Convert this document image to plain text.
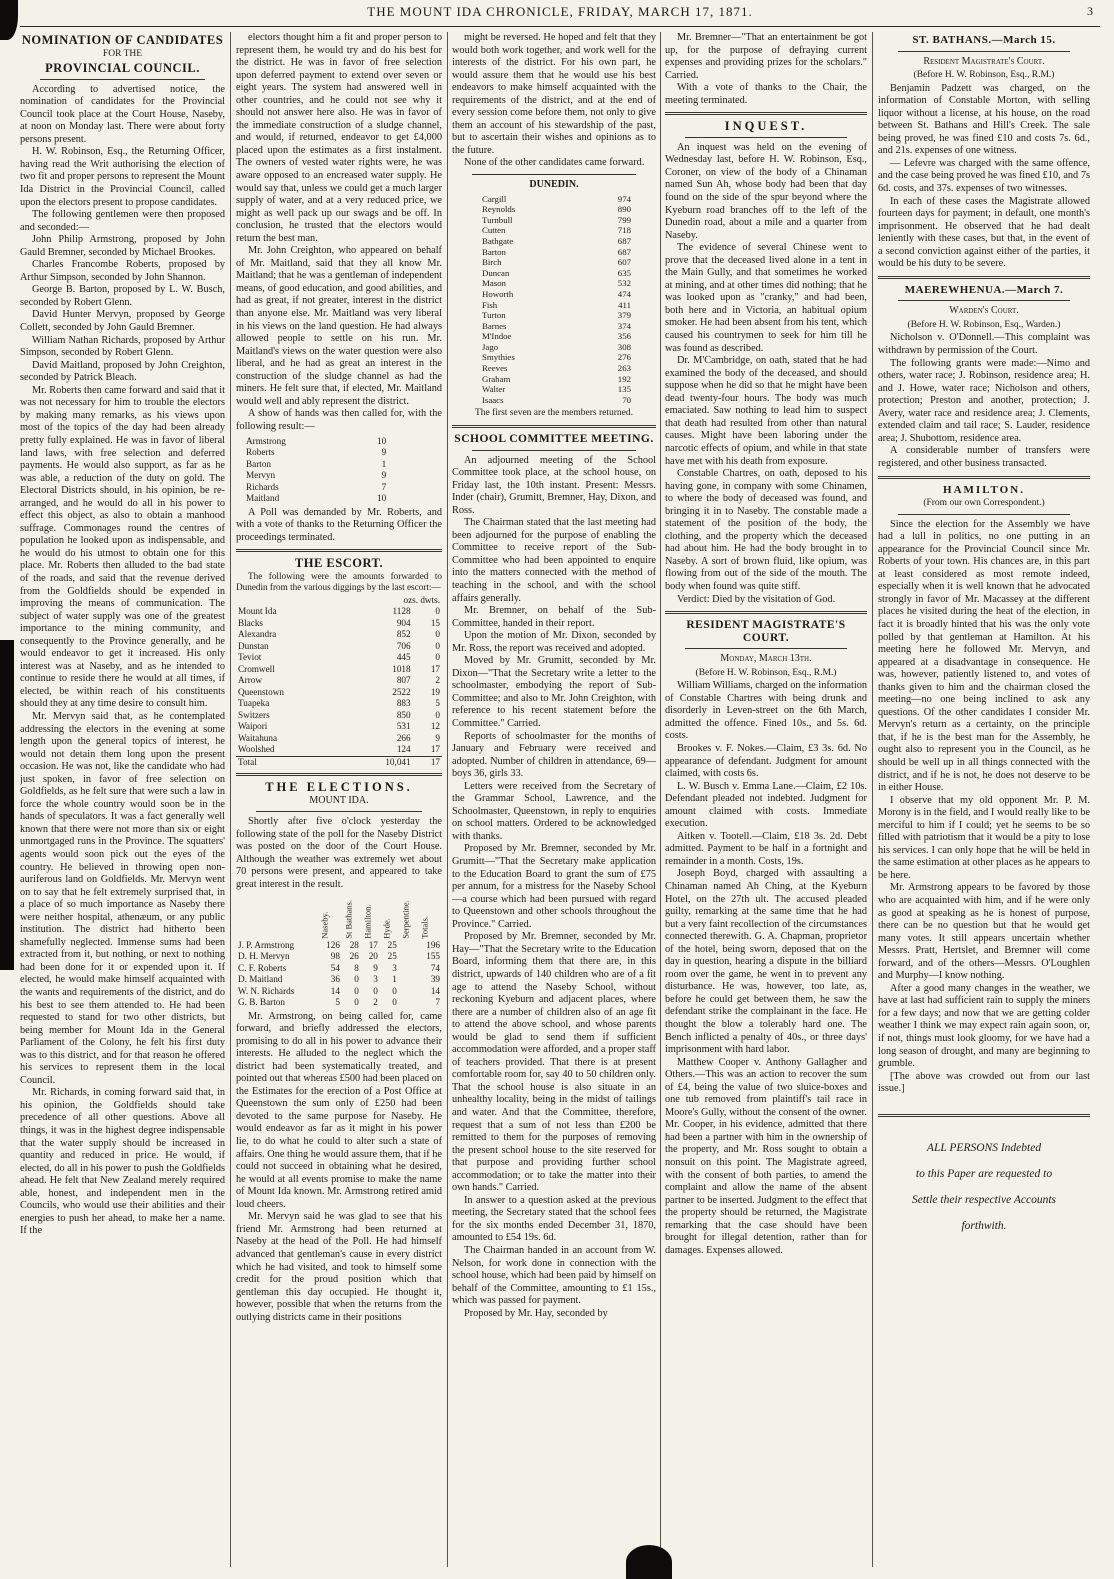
THE MOUNT IDA CHRONICLE, FRIDAY, MARCH 17, 1871.	3
NOMINATION OF CANDIDATES
FOR THE
PROVINCIAL COUNCIL.

According to advertised notice, the nomination of candidates for the Provincial Council took place at the Court House, Naseby, at noon on Monday last. There were about forty persons present.

H. W. Robinson, Esq., the Returning Officer, having read the Writ authorising the election of two fit and proper persons to represent the Mount Ida District in the Provincial Council, called upon the electors present to propose candidates.

The following gentlemen were then proposed and seconded:—

John Philip Armstrong, proposed by John Gauld Bremner, seconded by Michael Brookes.

Charles Francombe Roberts, proposed by Arthur Simpson, seconded by John Shannon.

George B. Barton, proposed by L. W. Busch, seconded by Robert Glenn.

David Hunter Mervyn, proposed by George Collett, seconded by John Gauld Bremner.

William Nathan Richards, proposed by Arthur Simpson, seconded by Robert Glenn.

David Maitland, proposed by John Creighton, seconded by Patrick Bleach.

Mr. Roberts then came forward and said that it was not necessary for him to trouble the electors by making many remarks, as his views upon most of the topics of the day had been already pretty fully explained. He was in favor of liberal land laws, with free selection and deferred payments. He would also support, as far as he was able, a reduction of the duty on gold. The Electoral Districts should, in his opinion, be re-arranged, and he would do all in his power to effect this object, as also to obtain a manhood suffrage. Commonages round the centres of population he looked upon as indispensable, and he would do his utmost to obtain one for this place. Mr. Roberts then alluded to the bad state of the roads, and said that the revenue derived from the Goldfields should be expended in improving the means of communication. The subject of water supply was one of the greatest importance to the mining community, and consequently to the Province generally, and he would endeavor to get it increased. His only interest was at Naseby, and as he intended to continue to reside there he would at all times, if elected, be within reach of his constituents should they at any time desire to consult him.

Mr. Mervyn said that, as he contemplated addressing the electors in the evening at some length upon the general topics of interest, he would not detain them long upon the present occasion. He was not, like the candidate who had just spoken, in favor of free selection on Goldfields, as he felt sure that were such a law in force the whole country would soon be in the hands of speculators. It was a fact generally well known that there were not more than six or eight unmortgaged runs in the Province. The squatters' agents would soon pick out the eyes of the country. He believed in throwing open non-auriferous land on Goldfields. Mr. Mervyn went on to say that he felt extremely surprised that, in a place of so much importance as Naseby there were neither hospital, athenæum, or any public institution. The district had hitherto been shamefully neglected. Immense sums had been extracted from it, but nothing, or next to nothing had been done for it or expended upon it. If elected, he would make himself acquainted with the wants and requirements of the district, and do his best to see them attended to. He had been requested to stand for two other districts, but being member for Mount Ida in the General Parliament of the Colony, he felt his first duty was to this district, and for that reason he offered his services to represent them in the local Council.

Mr. Richards, in coming forward said that, in his opinion, the Goldfields should take precedence of all other questions. Above all things, it was in the highest degree indispensable that the water supply should be increased in quantity and reduced in price. He would, if elected, do all in his power to push the Goldfields ahead. He felt that New Zealand merely required able, honest, and independent men in the Councils, who would use their abilities and their energies to push her ahead, to make her a name. If the

electors thought him a fit and proper person to represent them, he would try and do his best for the district. He was in favor of free selection upon deferred payment to extend over seven or eight years. The system had answered well in other countries, and he could not see why it should not answer here also. He was in favor of the immediate construction of a sludge channel, and would, if returned, endeavor to get £4,000 placed upon the estimates as a first instalment. The owners of vested water rights were, he was aware opposed to an encreased water supply. He would say that, unless we could get a much larger supply of water, and at a very reduced price, we might as well pack up our swags and be off. In conclusion, he trusted that the electors would return the best man.

Mr. John Creighton, who appeared on behalf of Mr. Maitland, said that they all know Mr. Maitland; that he was a gentleman of independent means, of good education, and good abilities, and had as great, if not greater, interest in the district than anyone else. Mr. Maitland was very liberal in his views on the land question. He had always allowed people to settle on his run. Mr. Maitland's views on the water question were also liberal, and he had as great an interest in the construction of the sludge channel as had the miners. He felt sure that, if elected, Mr. Maitland would well and ably represent the district.

A show of hands was then called for, with the following result:—

Armstrong	10
Roberts	9
Barton	1
Mervyn	9
Richards	7
Maitland	10

A Poll was demanded by Mr. Roberts, and with a vote of thanks to the Returning Officer the proceedings terminated.

THE ESCORT.

The following were the amounts forwarded to Dunedin from the various diggings by the last escort:—

	ozs. dwts.	
Mount Ida	1128	0
Blacks	904	15
Alexandra	852	0
Dunstan	706	0
Teviot	445	0
Cromwell	1018	17
Arrow	807	2
Queenstown	2522	19
Tuapeka	883	5
Switzers	850	0
Waipori	531	12
Waitahuna	266	9
Woolshed	124	17
Total	10,041	17
THE ELECTIONS.
MOUNT IDA.

Shortly after five o'clock yesterday the following state of the poll for the Naseby District was posted on the door of the Court House. Although the weather was extremely wet about 70 persons were present, and appeared to take great interest in the result.

	Naseby.	St Bathans.	Hamilton.	Hyde.	Serpentine.	Totals.
J. P. Armstrong	126	28	17	25		196
D. H. Mervyn	98	26	20	25		155
C. F. Roberts	54	8	9	3		74
D. Maitland	36	0	3	1		39
W. N. Richards	14	0	0	0		14
G. B. Barton	5	0	2	0		7

Mr. Armstrong, on being called for, came forward, and briefly addressed the electors, promising to do all in his power to advance their interests. He alluded to the neglect which the district had been systematically treated, and pointed out that whereas £500 had been placed on the Estimates for the erection of a Post Office at Queenstown the sum only of £250 had been devoted to the same purpose for Naseby. He would endeavor as far as it might in his power lie, to do what he could to alter such a state of affairs. One thing he would assure them, that if he could not succeed in obtaining what he desired, he would at all events promise to make the name of Mount Ida known. Mr. Armstrong retired amid loud cheers.

Mr. Mervyn said he was glad to see that his friend Mr. Armstrong had been returned at Naseby at the head of the Poll. He had himself advanced that gentleman's cause in every district which he had visited, and took to himself some credit for the proud position which that gentleman this day occupied. He thought it, however, possible that when the returns from the outlying districts came in their positions

might be reversed. He hoped and felt that they would both work together, and work well for the interests of the district. For his own part, he would assure them that he would use his best endeavors to make himself acquainted with the requirements of the district, and at the end of every session come before them, not only to give them an account of his stewardship of the past, but to ascertain their wishes and opinions as to the future.

None of the other candidates came forward.

DUNEDIN.
Cargill	974
Reynolds	890
Turnbull	799
Cutten	718
Bathgate	687
Barton	687
Birch	607
Duncan	635
Mason	532
Howorth	474
Fish	411
Turton	379
Barnes	374
M'Indoe	356
Jago	308
Smythies	276
Reeves	263
Graham	192
Walter	135
Isaacs	70
The first seven are the members returned.
SCHOOL COMMITTEE MEETING.

An adjourned meeting of the School Committee took place, at the school house, on Friday last, the 10th instant. Present: Messrs. Inder (chair), Grumitt, Bremner, Hay, Dixon, and Ross.

The Chairman stated that the last meeting had been adjourned for the purpose of enabling the Committee to receive report of the Sub-Committee who had been appointed to enquire into the matters connected with the method of teaching in the school, and with the school affairs generally.

Mr. Bremner, on behalf of the Sub-Committee, handed in their report.

Upon the motion of Mr. Dixon, seconded by Mr. Ross, the report was received and adopted.

Moved by Mr. Grumitt, seconded by Mr. Dixon—"That the Secretary write a letter to the schoolmaster, embodying the report of Sub-Committee; and also to Mr. John Creighton, with reference to his recent statement before the Committee." Carried.

Reports of schoolmaster for the months of January and February were received and adopted. Number of children in attendance, 69—boys 36, girls 33.

Letters were received from the Secretary of the Grammar School, Lawrence, and the Schoolmaster, Queenstown, in reply to enquiries on school matters. Ordered to be acknowledged with thanks.

Proposed by Mr. Bremner, seconded by Mr. Grumitt—"That the Secretary make application to the Education Board to grant the sum of £75 per annum, for a mistress for the Naseby School—a course which had been pursued with regard to Queenstown and other schools throughout the Province." Carried.

Proposed by Mr. Bremner, seconded by Mr. Hay—"That the Secretary write to the Education Board, informing them that there are, in this district, upwards of 140 children who are of a fit age to attend the Naseby School, without reckoning Kyeburn and adjacent places, where there are a number of children also of an age fit to attend the above school, and whose parents would be glad to send them if sufficient accommodation were afforded, and a proper staff of teachers provided. That there is at present comfortable room for, say 40 to 50 children only. That the school house is also situate in an unhealthy locality, being in the midst of tailings and water. And that the Committee, therefore, request that a sum of not less than £200 be remitted to them for the purposes of removing the present school house to the site reserved for that purpose and providing further school accommodation; or to take the matter into their own hands." Carried.

In answer to a question asked at the previous meeting, the Secretary stated that the school fees for the six months ended December 31, 1870, amounted to £54 19s. 6d.

The Chairman handed in an account from W. Nelson, for work done in connection with the school house, which had been paid by himself on behalf of the Committee, amounting to £1 15s., which was passed for payment.

Proposed by Mr. Hay, seconded by

Mr. Bremner—"That an entertainment be got up, for the purpose of defraying current expenses and providing prizes for the scholars." Carried.

With a vote of thanks to the Chair, the meeting terminated.

INQUEST.

An inquest was held on the evening of Wednesday last, before H. W. Robinson, Esq., Coroner, on view of the body of a Chinaman named Sun Ah, whose body had been that day found on the side of the spur beyond where the Kyeburn road branches off to the left of the Dunedin road, about a mile and a quarter from Naseby.

The evidence of several Chinese went to prove that the deceased lived alone in a tent in the Main Gully, and that sometimes he worked at mining, and at other times did nothing; that he was looked upon as "cranky," and had been, both here and in Victoria, an habitual opium smoker. He had been absent from his tent, which caused his countrymen to seek for him till he was found as described.

Dr. M'Cambridge, on oath, stated that he had examined the body of the deceased, and should suppose when he did so that he might have been dead twenty-four hours. The body was much emaciated. Saw nothing to lead him to suspect that death had resulted from other than natural causes. Might have been laboring under the narcotic effects of opium, and while in that state have met with his death from exposure.

Constable Chartres, on oath, deposed to his having gone, in company with some Chinamen, to where the body of deceased was found, and bringing it in to Naseby. The constable made a statement of the position of the body, the clothing, and the property which the deceased had about him. He had the body brought in to Naseby. A sort of brown fluid, like opium, was flowing from out of the side of the mouth. The body when found was quite stiff.

Verdict: Died by the visitation of God.

RESIDENT MAGISTRATE'S COURT.
Monday, March 13th.
(Before H. W. Robinson, Esq., R.M.)

William Williams, charged on the information of Constable Chartres with being drunk and disorderly in Leven-street on the 6th March, admitted the offence. Fined 10s., and 5s. 6d. costs.

Brookes v. F. Nokes.—Claim, £3 3s. 6d. No appearance of defendant. Judgment for amount claimed, with costs 6s.

L. W. Busch v. Emma Lane.—Claim, £2 10s. Defendant pleaded not indebted. Judgment for amount claimed with costs. Immediate execution.

Aitken v. Tootell.—Claim, £18 3s. 2d. Debt admitted. Payment to be half in a fortnight and remainder in a month. Costs, 19s.

Joseph Boyd, charged with assaulting a Chinaman named Ah Ching, at the Kyeburn Hotel, on the 27th ult. The accused pleaded guilty, remarking at the same time that he had but a very faint recollection of the circumstances connected therewith. G. A. Chapman, proprietor of the hotel, being sworn, deposed that on the day in question, hearing a dispute in the billiard room over the game, he went in to prevent any disturbance. He was, however, too late, as, before he could get between them, he saw the defendant strike the complainant in the face. He thought the blow a tolerably hard one. The Bench inflicted a penalty of 40s., or three days' imprisonment with hard labor.

Matthew Cooper v. Anthony Gallagher and Others.—This was an action to recover the sum of £4, being the value of two sluice-boxes and one tub removed from plaintiff's tail race in Moore's Gully, without the consent of the owner. Mr. Cooper, in his evidence, admitted that there had been a partner with him in the ownership of the property, and Mr. Ross sought to obtain a nonsuit on this point. The Magistrate agreed, with the consent of both parties, to amend the complaint and allow the name of the absent partner to be inserted. Judgment to the effect that the property should be returned, the Magistrate remarking that the case should have been brought for illegal detention, rather than for damages. Expenses allowed.

ST. BATHANS.—March 15.
Resident Magistrate's Court.
(Before H. W. Robinson, Esq., R.M.)

Benjamin Padzett was charged, on the information of Constable Morton, with selling liquor without a license, at his house, on the road between St. Bathans and Hill's Creek. The sale being proved, he was fined £10 and costs 7s. 6d., and 21s. expenses of one witness.

— Lefevre was charged with the same offence, and the case being proved he was fined £10, and 7s 6d. costs, and 37s. expenses of two witnesses.

In each of these cases the Magistrate allowed fourteen days for payment; in default, one month's imprisonment. He observed that he had dealt leniently with these cases, but that, in the event of a second conviction against either of the parties, it would be his duty to be severe.

MAEREWHENUA.—March 7.
Warden's Court.
(Before H. W. Robinson, Esq., Warden.)

Nicholson v. O'Donnell.—This complaint was withdrawn by permission of the Court.

The following grants were made:—Nimo and others, water race; J. Robinson, residence area; H. and J. Howe, water race; Nicholson and others, protection; Preston and another, protection; J. Avery, water race and residence area; J. Clements, extended claim and tail race; S. Lauder, residence area; J. Shubottom, residence area.

A considerable number of transfers were registered, and other business transacted.

HAMILTON.
(From our own Correspondent.)

Since the election for the Assembly we have had a lull in politics, no one putting in an appearance for the Provincial Council since Mr. Roberts of your town. His chances are, in this part at least considered as most remote indeed, especially when it is well known that he advocated strongly in favor of Mr. Macassey at the different places he visited during the heat of the election, in fact it is broadly hinted that his was the only vote polled by that gentleman at Hamilton. At his meeting here he followed Mr. Mervyn, and appeared at a disadvantage in consequence. He was, however, patiently listened to, and votes of thanks given to him and the chairman closed the meeting—no one being inclined to ask any questions. Of the other candidates I consider Mr. Mervyn's return as a certainty, on the principle that, if he is the best man for the Assembly, he ought also to represent you in the Council, as he should be well up in all things connected with the district, and if he is not, he does not deserve to be in either House.

I observe that my old opponent Mr. P. M. Morony is in the field, and I would really like to be merciful to him if I could; yet he seems to be so filled with patriotism that it would be a pity to lose his services. I can only hope that he will be held in the same estimation at other places as he appears to be here.

Mr. Armstrong appears to be favored by those who are acquainted with him, and if he were only as good at speaking as he is honest of purpose, there can be no question but that he would get many votes. It still appears uncertain whether Messrs. Pratt, Hertslet, and Bremner will come forward, and of the others—Messrs. O'Loughlen and Murphy—I know nothing.

After a good many changes in the weather, we have at last had sufficient rain to supply the miners for a few days; and now that we are getting colder weather I think we may expect rain again soon, or, if not, things must look gloomy, for we have had a long season of drought, and many are beginning to grumble.

[The above was crowded out from our last issue.]

ALL PERSONS Indebted
to this Paper are requested to
Settle their respective Accounts
forthwith.
